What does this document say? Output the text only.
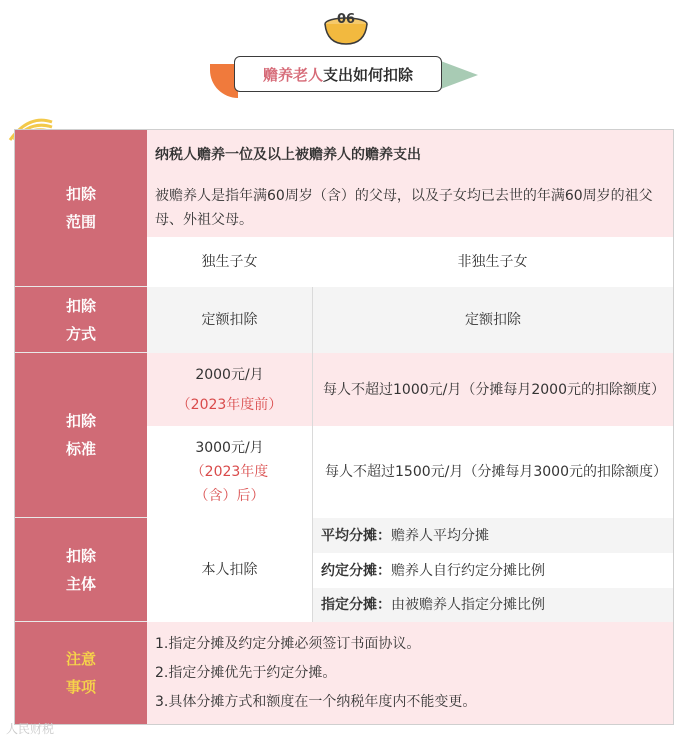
06
赡养老人 支出如何扣除
扣除
范围
纳税人赡养一位及以上被赡养人的赡养支出
被赡养人是指年满60周岁（含）的父母，以及子女均已去世的年满60周岁的祖父母、外祖父母。
独生子女	非独生子女
扣除
方式
定额扣除	定额扣除
扣除
标准
2000元/月
（2023年度前）
每人不超过1000元/月（分摊每月2000元的扣除额度）
3000元/月
（2023年度
（含）后）
每人不超过1500元/月（分摊每月3000元的扣除额度）
扣除
主体
本人扣除
平均分摊： 赡养人平均分摊
约定分摊： 赡养人自行约定分摊比例
指定分摊： 由被赡养人指定分摊比例
注意
事项
1.指定分摊及约定分摊必须签订书面协议。
2.指定分摊优先于约定分摊。
3.具体分摊方式和额度在一个纳税年度内不能变更。
人民财税
